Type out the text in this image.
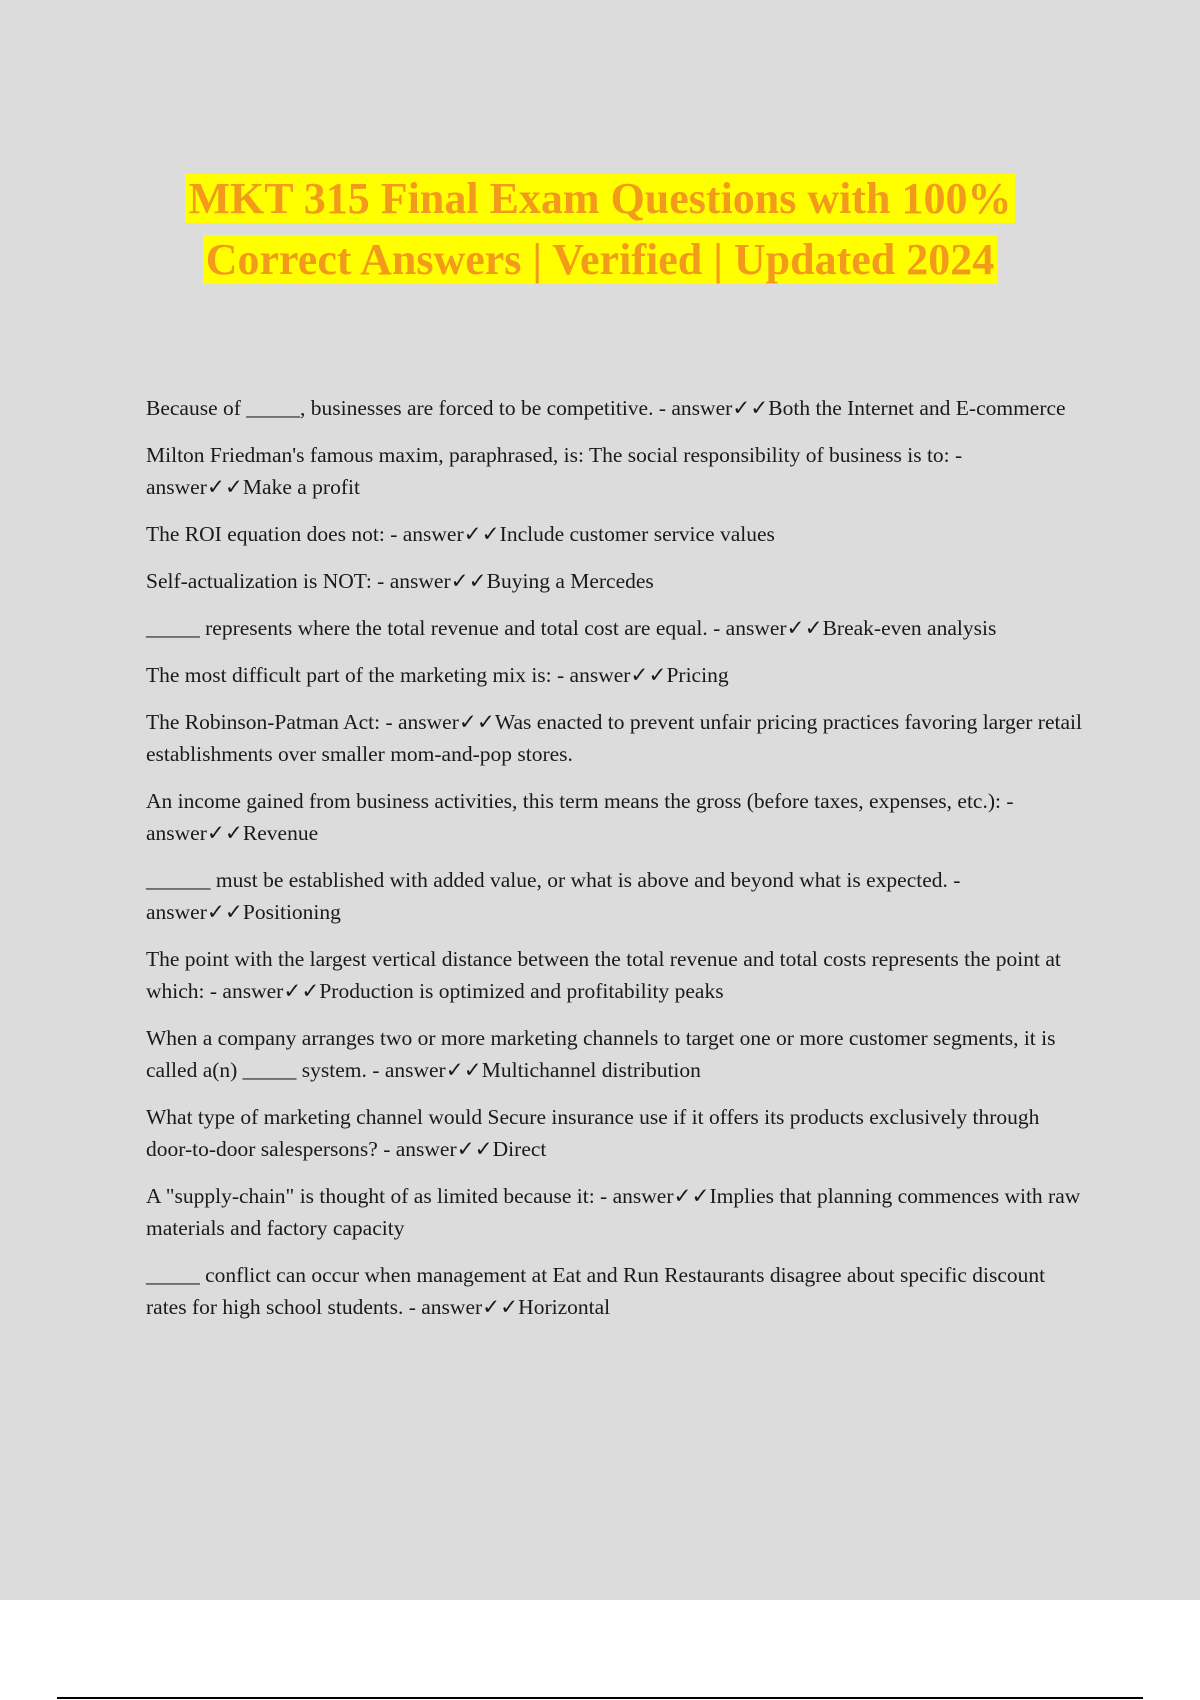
MKT 315 Final Exam Questions with 100%
Correct Answers | Verified | Updated 2024

Because of _____, businesses are forced to be competitive. - answer✓✓Both the Internet and E-commerce

Milton Friedman's famous maxim, paraphrased, is: The social responsibility of business is to: - answer✓✓Make a profit

The ROI equation does not: - answer✓✓Include customer service values

Self-actualization is NOT: - answer✓✓Buying a Mercedes

_____ represents where the total revenue and total cost are equal. - answer✓✓Break-even analysis

The most difficult part of the marketing mix is: - answer✓✓Pricing

The Robinson-Patman Act: - answer✓✓Was enacted to prevent unfair pricing practices favoring larger retail establishments over smaller mom-and-pop stores.

An income gained from business activities, this term means the gross (before taxes, expenses, etc.): - answer✓✓Revenue

______ must be established with added value, or what is above and beyond what is expected. - answer✓✓Positioning

The point with the largest vertical distance between the total revenue and total costs represents the point at which: - answer✓✓Production is optimized and profitability peaks

When a company arranges two or more marketing channels to target one or more customer segments, it is called a(n) _____ system. - answer✓✓Multichannel distribution

What type of marketing channel would Secure insurance use if it offers its products exclusively through door-to-door salespersons? - answer✓✓Direct

A "supply-chain" is thought of as limited because it: - answer✓✓Implies that planning commences with raw materials and factory capacity

_____ conflict can occur when management at Eat and Run Restaurants disagree about specific discount rates for high school students. - answer✓✓Horizontal
